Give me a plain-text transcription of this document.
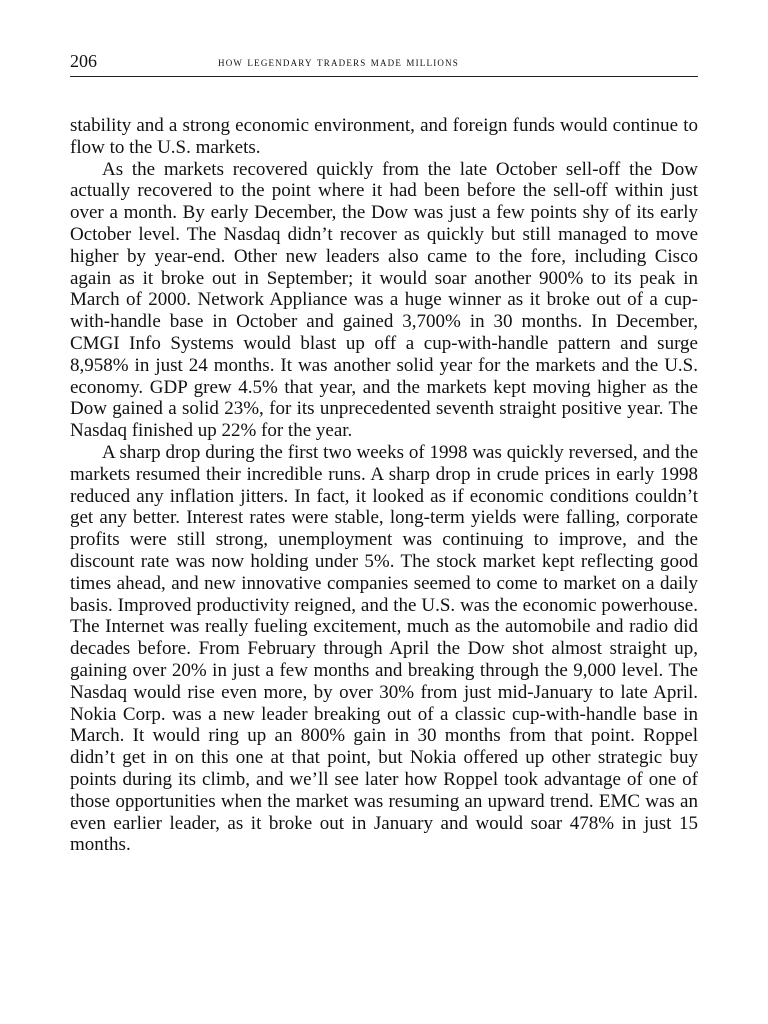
206	how legendary traders made millions

stability and a strong economic environment, and foreign funds would continue to flow to the U.S. markets.

As the markets recovered quickly from the late October sell-off the Dow actually recovered to the point where it had been before the sell-off within just over a month. By early December, the Dow was just a few points shy of its early October level. The Nasdaq didn’t recover as quickly but still managed to move higher by year-end. Other new leaders also came to the fore, including Cisco again as it broke out in September; it would soar another 900% to its peak in March of 2000. Network Appliance was a huge winner as it broke out of a cup-with-handle base in October and gained 3,700% in 30 months. In December, CMGI Info Systems would blast up off a cup-with-handle pattern and surge 8,958% in just 24 months. It was another solid year for the markets and the U.S. economy. GDP grew 4.5% that year, and the markets kept moving higher as the Dow gained a solid 23%, for its unprecedented seventh straight positive year. The Nasdaq finished up 22% for the year.

A sharp drop during the first two weeks of 1998 was quickly reversed, and the markets resumed their incredible runs. A sharp drop in crude prices in early 1998 reduced any inflation jitters. In fact, it looked as if economic conditions couldn’t get any better. Interest rates were stable, long-term yields were falling, corporate profits were still strong, unemployment was continuing to improve, and the discount rate was now holding under 5%. The stock market kept reflecting good times ahead, and new innovative companies seemed to come to market on a daily basis. Improved productivity reigned, and the U.S. was the economic powerhouse. The Internet was really fueling excitement, much as the automobile and radio did decades before. From February through April the Dow shot almost straight up, gaining over 20% in just a few months and breaking through the 9,000 level. The Nasdaq would rise even more, by over 30% from just mid-January to late April. Nokia Corp. was a new leader breaking out of a classic cup-with-handle base in March. It would ring up an 800% gain in 30 months from that point. Roppel didn’t get in on this one at that point, but Nokia offered up other strategic buy points during its climb, and we’ll see later how Roppel took advantage of one of those opportunities when the market was resuming an upward trend. EMC was an even earlier leader, as it broke out in January and would soar 478% in just 15 months.
